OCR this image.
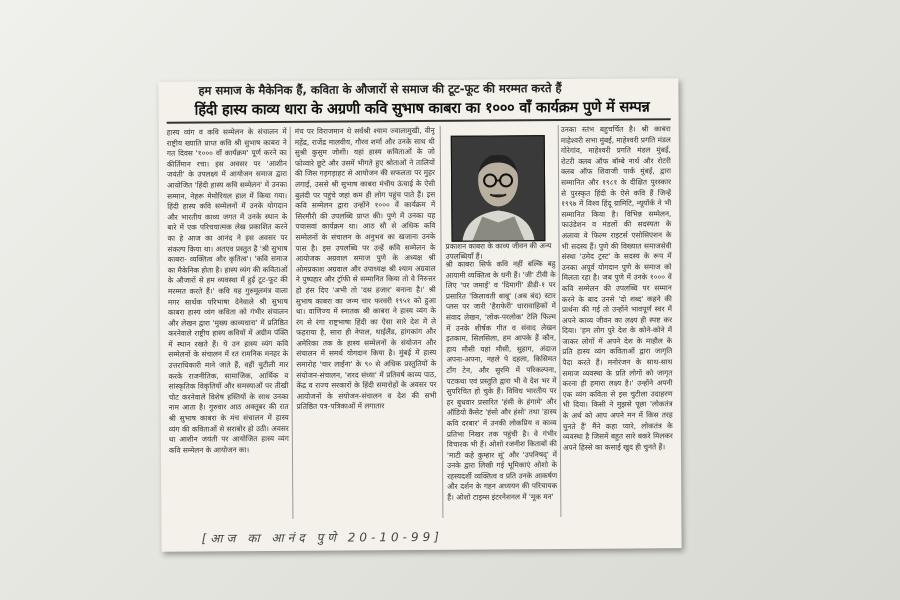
हम समाज के मैकेनिक हैं, कविता के औजारों से समाज की टूट-फूट की मरम्मत करते हैं
हिंदी हास्य काव्य धारा के अग्रणी कवि सुभाष काबरा का १००० वाँ कार्यक्रम पुणे में सम्पन्न
हास्य व्यंग व कवि सम्मेलन के संचालन में राष्ट्रीय ख्याति प्राप्त कवि श्री सुभाष काबरा ने गत दिवस '१००० वाँ कार्यक्रम' पूर्ण करने का कीर्तिमान रचा। इस अवसर पर 'आशीन जयंती' के उपलक्ष्य में आयोजन समाज द्वारा आयोजित 'हिंदी हास्य कवि सम्मेलन' में उनका सम्मान, नेहरू मेमोरियल हाल में किया गया। हिंदी हास्य कवि सम्मेलनों में उनके योगदान और भारतीय काव्य जगत में उनके स्थान के बारे में एक परिचयात्मक लेख प्रकाशित करने का हे आज का आनंद ने इस अवसर पर संकल्प किया था। अतएव प्रस्तुत है 'श्री सुभाष काबरा- व्यक्तित्व और कृतित्व'। 'कवि समाज का मैकेनिक होता है। हास्य व्यंग की कविताओं के औजारों से हम व्यवस्था में हुई टूट-फूट की मरम्मत करते हैं।' कवि यह गुरुमूलमंत्र वाला मगर सार्थक परिभाषा देनेवाले श्री सुभाष काबरा हास्य व्यंग कविता को गंभीर संचालन और लेखन द्वारा 'मुख्य काव्यधारा' में प्रतिष्ठित करनेवाले राष्ट्रीय हास्य कवियों में अग्रीम पंक्ति में स्थान रखते हैं। ये उन हास्य व्यंग कवि सम्मेलनों के संचालन में रत रामनिक मनहर के उत्तराधिकारी माने जाते हैं, वहीं चुटीली मार करके राजनीतिक, सामाजिक, आर्थिक व सांस्कृतिक विकृतियों और समस्याओं पर तीखी चोट करनेवाले विशेष हस्तियों के साथ उनका नाम आता है। गुरुवार आठ अक्तूबर की रात श्री सुभाष काबरा के मंच संचालन में हास्य व्यंग की कविताओं से सराबोर हो उठी। अवसर था आशीन जयंती पर आयोजित हास्य व्यंग कवि सम्मेलन के आयोजन का।
मंच पर विराजमान थे सर्वश्री श्याम ज्वालामुखी, वीनू महेंद्र, राजेंद्र मालवीय, गौरव शर्मा और उनके साथ थी सुश्री कुसुम जोशी। यहां हास्य कविताओं के जो फोव्वारे छूटे और उसमें भीगते हुए श्रोताओं ने तालियों की जिस गड़गड़ाहट से आयोजन की सफलता पर मुहर लगाई, उससे श्री सुभाष काबरा मंचीय ऊंचाई के ऐसी बुलंदी पर पहुंचे जहां कम ही लोग पहुंच पाते हैं। इस कवि सम्मेलन द्वारा उन्होंने १००० वें कार्यक्रम में सिरमौरी की उपलब्धि प्राप्त की। पुणे में उनका यह पचासवां कार्यक्रम था। आठ सौ से अधिक कवि सम्मेलनों के संचालन के अनुभव का खजाना उनके पास है। इस उपलब्धि पर उन्हें कवि सम्मेलन के आयोजक अग्रवाल समाज पुणे के अध्यक्ष श्री ओमप्रकाश अग्रवाल और उपाध्यक्ष श्री श्याम अग्रवाल ने पुष्पहार और ट्रॉफी से सम्मानित किया तो वे निरुत्तर हो हंस दिए 'अभी तो 'दस हजार' बनाना है।' श्री सुभाष काबरा का जन्म चार फरवरी १९५१ को हुआ था। वाणिज्य में स्नातक श्री काबरा ने हास्य व्यंग के रंग से रंगा राष्ट्रभाषा हिंदी का ऐसा सारे देश में ले फहराया है, सारा ही नेपाल, थाईलैंड, हांगकांग और अमेरिका तक के हास्य सम्मेलनों के संयोजन और संचालन में समर्थ योगदान किया है। मुंबई में हास्य समारोह 'चार लाईना' के ९० से अधिक प्रस्तुतियों के संयोजन-संचालन, 'शरद संध्या' में प्रतिवर्ष काव्य पाठ, केंद्र व राज्य सरकारों के हिंदी समारोहों के अवसर पर आयोजनों के संयोजन-संचालन व देश की सभी प्रतिष्ठित पत्र-पत्रिकाओं में लगातार
प्रकाशन काबरा के काव्य जीवन की अन्य उपलब्धियाँ हैं।
श्री काबरा सिर्फ कवि नहीं बल्कि बहु आयामी व्यक्तित्व के धनी हैं। 'जी' टीवी के लिए 'पर जमाई' व 'दिमागी' डीडी-१ पर प्रसारित 'किलावती बाबू' (अब बंद) स्टार प्लस पर जारी 'हैराफेरी' धारावाहिकों में संवाद लेखन, 'लोक-परलोक' टेलि फिल्म में उनके शीर्षक गीत व संवाद लेखन इतकाम, सिलसिला, हम आपके हैं कौन, हाय मौसी यहां मौसी, सुहाग, अंदाज अपना-अपना, नहले पे दहला, किसिमत टाँग टेन, और सुरमि में परिकल्पना, पटकथा एवं प्रस्तुति द्वारा भी वे देश भर में सुपरिचित हो चुके हैं। विविध भारतीय पर हर बुधवार प्रसारित 'हंसी के हंगामे' और ऑडियो कैसेट 'हंसो और हंसो' तथा 'हास्य कवि दरबार' में उनकी लोकप्रिय व काव्य प्रतिभा निखर तक पहुंची है। वे गंभीर विचारक भी हैं। ओशो रजनीश किताबों की 'माटी कहे कुम्हार सूं' और 'उपनिषद्' में उनके द्वारा लिखी गई भूमिकाएं ओशो के रहस्यदर्शी व्यक्तित्व व प्रति उनके आकर्षण और दर्शन के गहन अध्ययन की परिचायक हैं। ओशो टाइम्स इंटरनेशनल में 'मूक मन'
उनका स्तंभ बहुचर्चित है। श्री काबरा माहेश्वरी सभा मुंबई, माहेश्वरी प्रगति मंडल गोरेगांव, माहेश्वरी प्रगति मंडल मुंबई, रोटरी क्लब ऑफ बॉम्बे नार्थ और रोटरी क्लब ऑफ शिवाजी पार्क मुंबई, द्वारा सम्मानित और १९८१ के दीक्षित पुरस्कार से पुरस्कृत हिंदी के ऐसे कवि हैं जिन्हें १९९७ में विश्व हिंदू ग्रामिटि, न्यूयॉर्क ने भी सम्मानित किया है। विभिन्न सम्मेलन, फाउंडेशन व मंडलों की सदस्यता के अलावा वे फिल्म राइटर्स एसोसिएशन के भी सदस्य हैं। पुणे की विख्यात समाजसेवी संस्था 'उमेद ट्रस्ट' के सदस्य के रूप में उनका अपूर्व योगदान पुणे के समाज को मिलता रहा है। जब पुणे में उनके १००० वें कवि सम्मेलन की उपलब्धि पर सम्मान करने के बाद उनसे 'दो शब्द' कहने की प्रार्थना की गई तो उन्होंने भावपूर्ण स्वर में अपने काव्य जीवन का लक्ष्य ही स्पष्ट कर दिया। 'हम लोग पुरे देश के कोने-कोने में जाकर लोगों में अपने देश के माहौल के प्रति हास्य व्यंग कविताओं द्वारा जागृति पैदा करते हैं। मनोरंजन के साथ-साथ समाज व्यवस्था के प्रति लोगों को जागृत करना ही हमारा लक्ष्य है।' उन्होंने अपनी एक व्यंग कविता से इस चुटीला उदाहरण भी दिया। किसी ने मुझसे पूछा 'लोकतंत्र के अर्थ को आप अपने मन में किस तरह चुनते हैं' मैंने कहा प्यारे, लोकतंत्र के व्यवस्था है जिसमें बहुत सारे बकरे मिलकर अपने हिस्से का कसाई खुद ही चुनते हैं।
[आज का आनंद पुणे 20-10-99]
